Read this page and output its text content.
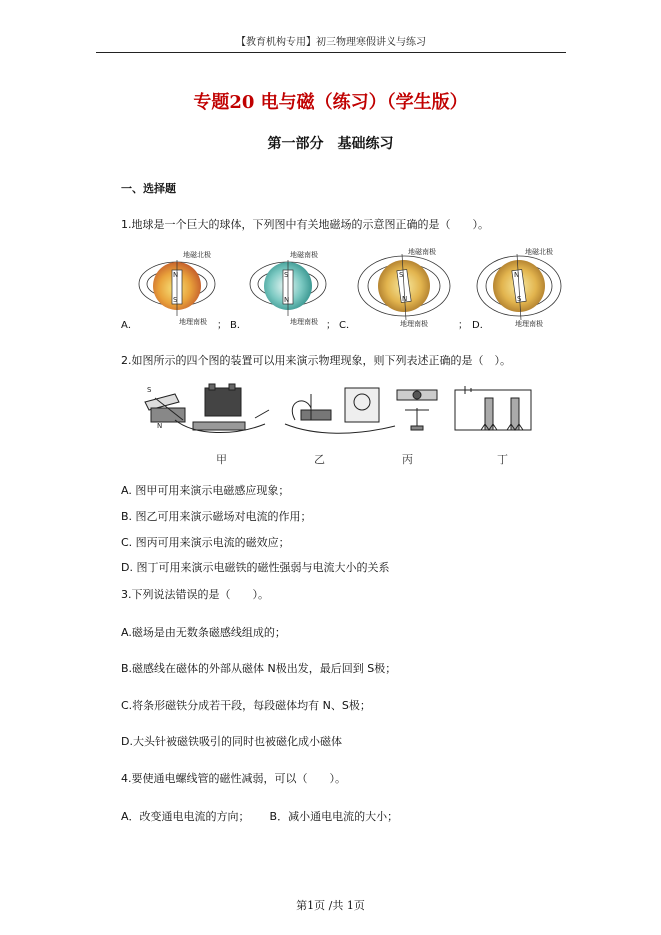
【教育机构专用】初三物理寒假讲义与练习
专题20 电与磁（练习）（学生版）
第一部分　基础练习
一、选择题
1.地球是一个巨大的球体，下列图中有关地磁场的示意图正确的是（　　）。
A．	； B．	； C．	； D．
N
S
地磁北极
地理南极
S
N
地磁南极
地理南极
S
N
地磁南极
地理南极
N
S
地磁北极
地理南极
2.如图所示的四个图的装置可以用来演示物理现象，则下列表述正确的是（　）。
S
N
甲	乙	丙	丁
A. 图甲可用来演示电磁感应现象；
B. 图乙可用来演示磁场对电流的作用；
C. 图丙可用来演示电流的磁效应；
D. 图丁可用来演示电磁铁的磁性强弱与电流大小的关系
3.下列说法错误的是（　　）。
A.磁场是由无数条磁感线组成的；
B.磁感线在磁体的外部从磁体 N极出发，最后回到 S极；
C.将条形磁铁分成若干段，每段磁体均有 N、S极；
D.大头针被磁铁吸引的同时也被磁化成小磁体
4.要使通电螺线管的磁性减弱，可以（　　）。
A．改变通电电流的方向；　　 B．减小通电电流的大小；
第1页 /共 1页
